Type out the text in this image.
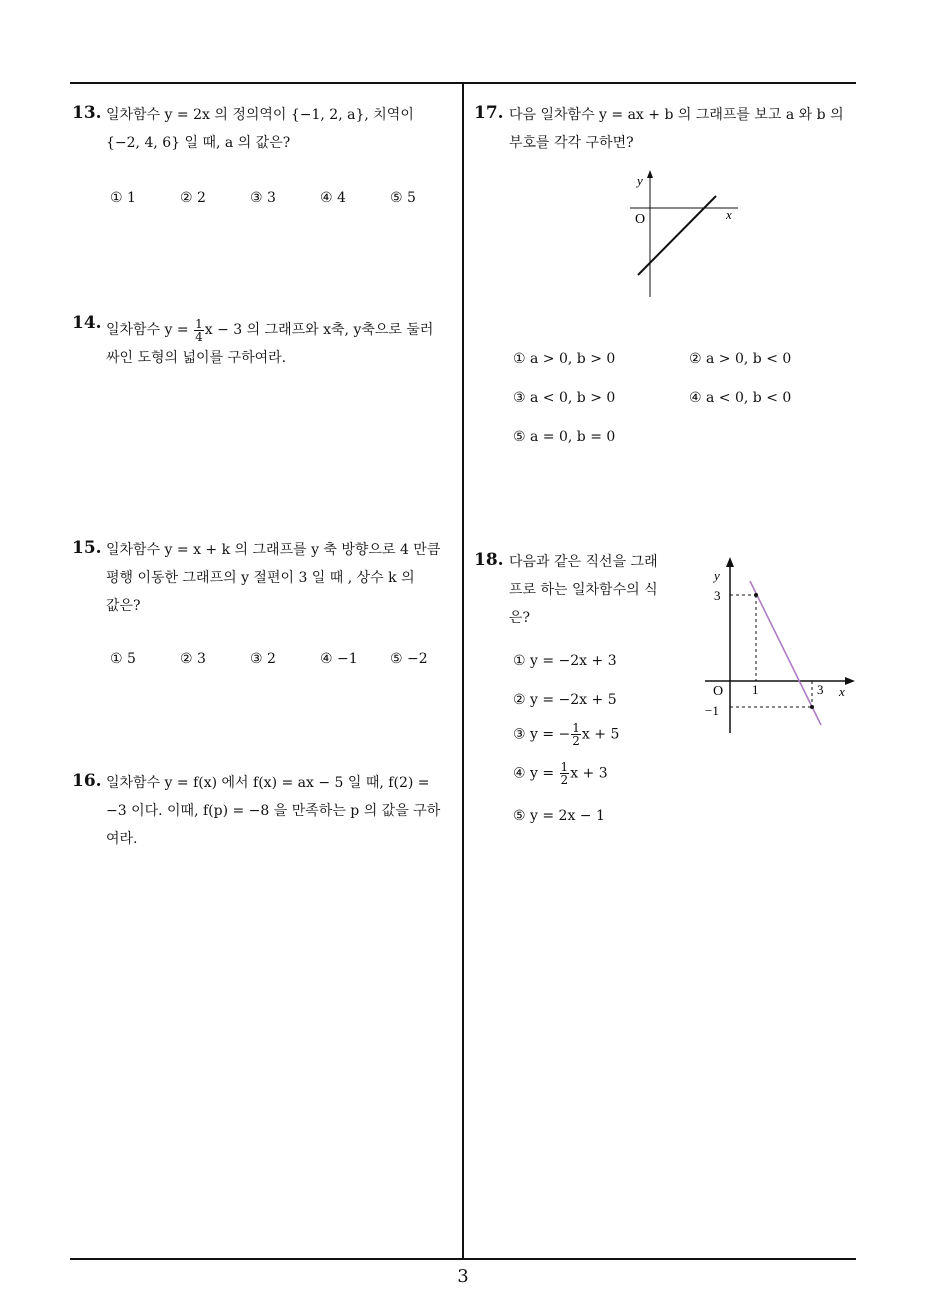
13. 일차함수 y = 2x 의 정의역이 {−1, 2, a}, 치역이
{−2, 4, 6} 일 때, a 의 값은?
① 1	② 2	③ 3	④ 4	⑤ 5
14. 일차함수 $y = \frac{1}{4}$ x − 3 의 그래프와 x축, y축으로 둘러
싸인 도형의 넓이를 구하여라.
15. 일차함수 y = x + k 의 그래프를 y 축 방향으로 4 만큼
평행 이동한 그래프의 y 절편이 3 일 때 , 상수 k 의
값은?
① 5	② 3	③ 2	④ −1 ⑤ −2
16. 일차함수 y = f(x) 에서 f(x) = ax − 5 일 때, f(2) =
−3 이다. 이때, f(p) = −8 을 만족하는 p 의 값을 구하
여라.
17. 다음 일차함수 y = ax + b 의 그래프를 보고 a 와 b 의
부호를 각각 구하면?
y
x
O
① a > 0, b > 0	② a > 0, b < 0
③ a < 0, b > 0	④ a < 0, b < 0
⑤ a = 0, b = 0
18. 다음과 같은 직선을 그래
프로 하는 일차함수의 식
은?
y
x
O
3
−1
1	3
① y = −2x + 3
② y = −2x + 5
③ y = − $\frac{1}{2}$ x + 5
④ $y = \frac{1}{2}$ x + 3
⑤ y = 2x − 1
3
